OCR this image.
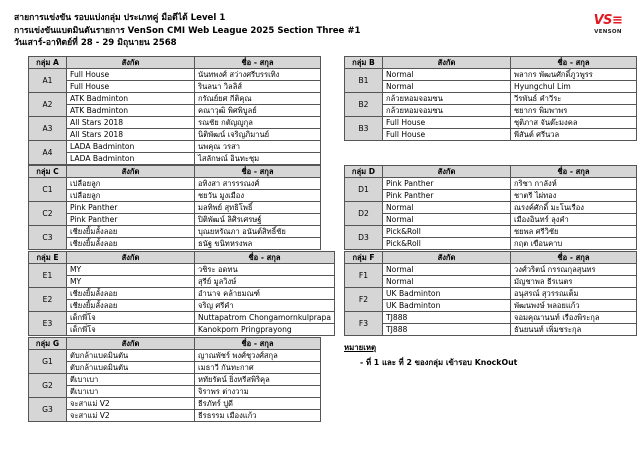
สายการแข่งขัน รอบแบ่งกลุ่ม ประเภทคู่ มือดีได้ Level 1
การแข่งขันแบดมินตันรายการ VenSon CMI Web League 2025 Section Three #1
วันเสาร์-อาทิตย์ที่ 28 - 29 มิถุนายน 2568
VS≡
VENSON
กลุ่ม A	สังกัด	ชื่อ - สกุล
A1	Full House	นันทพงศ์ สว่างศรีบรรเทิง
	Full House	รินลนา วิลลิส์
A2	ATK Badminton	กรัณย์ยศ กีติคุณ
	ATK Badminton	คณาวุฒิ พิศพิบูลย์
A3	All Stars 2018	รณชัย กตัญญูกุล
	All Stars 2018	นิติพัฒน์ เจริญภิมานย์
A4	LADA Badminton	นพคุณ วรสา
	LADA Badminton	ไสลักษณ์ อินทะชุม
กลุ่ม B	สังกัด	ชื่อ - สกุล
B1	Normal	พลากร พัฒนศักดิ์ภูวพูรร
	Normal	Hyungchul Lim
B2	กล้วยหอมจอมซน	วีรพันธ์ คำวีระ
	กล้วยหอมจอมซน	ชยากร พิมพาพร
B3	Full House	ชุติภาส จันต๊ะมงคล
	Full House	พีสันต์ ศรีนวล
กลุ่ม C	สังกัด	ชื่อ - สกุล
C1	เปลือยลูก	อทิงสา สารรรณงศ์
	เปลือยลูก	ชยวัน มูงเมือง
C2	Pink Panther	มลทิพย์ สุทธิโพธิ์
	Pink Panther	ปิติพัฒน์ ลิศิรเศรษฐ์
C3	เชียงยิ้มลั้งลอย	บุณยหรัณภา อนันต์สิทธิ์ชัย
	เชียงยิ้มลั้งลอย	ธนัฐ ขนิทหรงพล
กลุ่ม D	สังกัด	ชื่อ - สกุล
D1	Pink Panther	กริชา กาลังห์
	Pink Panther	ชาตรี ไผ่ทอง
D2	Normal	ณรงค์ศักดิ์ มะโนเรือง
	Normal	เมืองอินทร์ ลุงคำ
D3	Pick&Roll	ชยพล ศรีวิชัย
	Pick&Roll	กฤต เขือนคาบ
กลุ่ม E	สังกัด	ชื่อ - สกุล
E1	MY	วชิระ อดทน
	MY	สุรีย์ มูลวิงษ์
E2	เชียงยิ้มลั้งลอย	อำนาจ คล้ายมณฑ์
	เชียงยิ้มลั้งลอย	จริญ ศรีคำ
E3	เด็กพี่โจ	Nuttapatrom Chongamornkulprapa
	เด็กพี่โจ	Kanokporn Pringprayong
กลุ่ม F	สังกัด	ชื่อ - สกุล
F1	Normal	วงศ์วริตน์ กรรณกุลสุนทร
	Normal	มัญชาพล ธีรเนตร
F2	UK Badminton	อนุสรณ์ สุวรรณเต็ม
	UK Badminton	พัฒนพงษ์ พลอยแก้ว
F3	TJ888	จอมคุณานนท์ เรืองพิระกุล
	TJ888	ธันยนนท์ เพิ่มชระกุล
กลุ่ม G	สังกัด	ชื่อ - สกุล
G1	ตับกล้าแบดมินตัน	ญาณพัชร์ พงศ์ชุวงศ์สกุล
	ตับกล้าแบดมินตัน	เมธาวี กันทะกาศ
G2	ตีเบาเบา	หทัยรัตน์ ยิ่งหรีสพิริคุล
	ตีเบาเบา	จิราพร ต่างวาม
G3	จะสาแม่ V2	ธีรภัทร์ ปูดี
	จะสาแม่ V2	ธีรธรรม เมืองแก้ว
หมายเหตุ
- ที่ 1 และ ที่ 2 ของกลุ่ม เข้ารอบ KnockOut
